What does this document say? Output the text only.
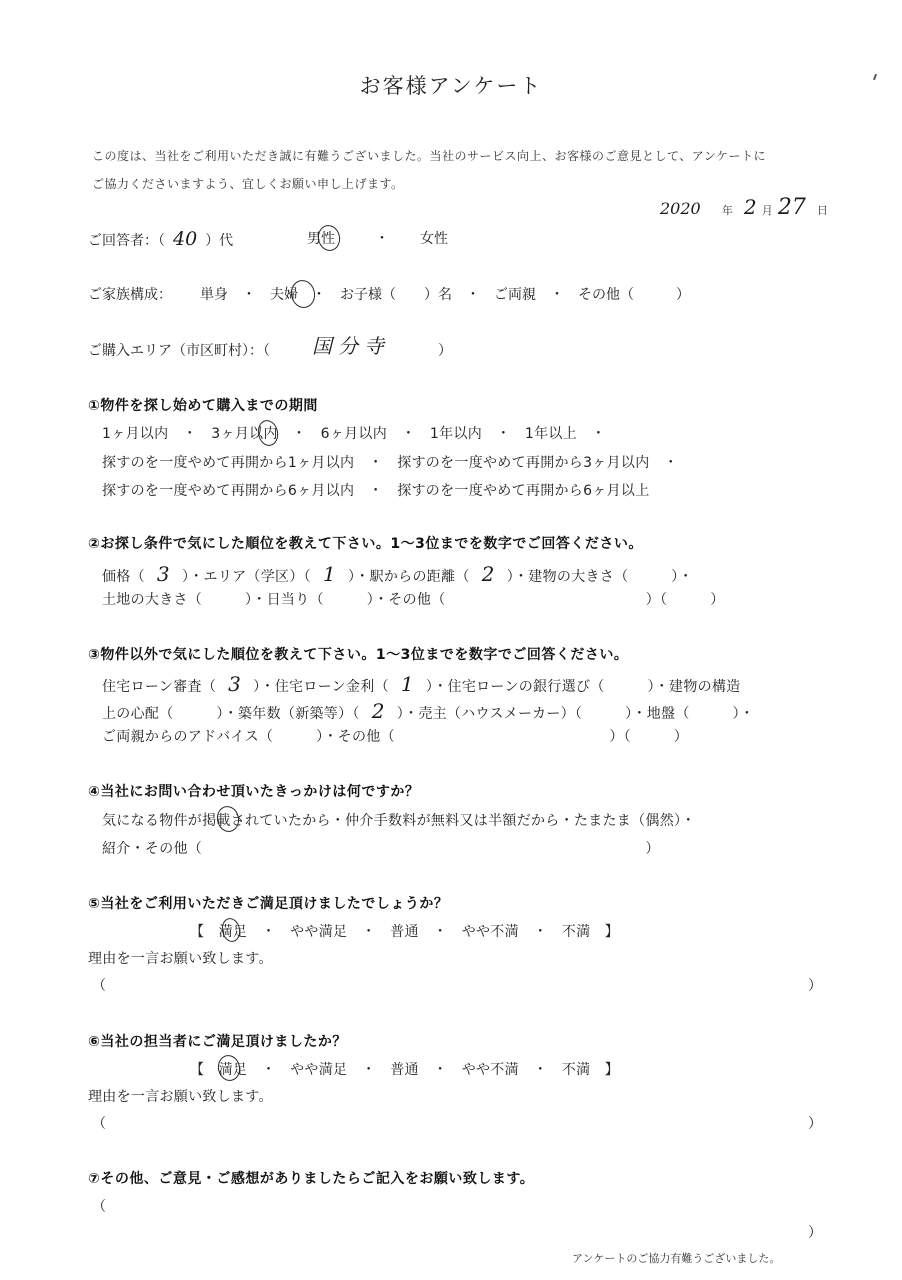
お客様アンケート
この度は、当社をご利用いただき誠に有難うございました。当社のサービス向上、お客様のご意見として、アンケートに
ご協力くださいますよう、宜しくお願い申し上げます。
2020 年 2 月 27 日
ご回答者：（ 40 ）代	男性	・ 女性
ご家族構成： 単身　・　夫婦　・　お子様（　　）名　・　ご両親　・　その他（　　　）
ご購入エリア（市区町村）：（ 国分寺	）
①物件を探し始めて購入までの期間
1ヶ月以内　・　3ヶ月以内　・　6ヶ月以内　・　1年以内　・　1年以上　・
探すのを一度やめて再開から1ヶ月以内　・　探すのを一度やめて再開から3ヶ月以内　・
探すのを一度やめて再開から6ヶ月以内　・　探すのを一度やめて再開から6ヶ月以上
②お探し条件で気にした順位を教えて下さい。1～3位までを数字でご回答ください。
価格（ 3 ）・エリア（学区）（ 1 ）・駅からの距離（ 2 ）・建物の大きさ（　　　）・
土地の大きさ（　　　）・日当り（　　　）・その他（　　　　　　　　　　　　　　）（　　　）
③物件以外で気にした順位を教えて下さい。1～3位までを数字でご回答ください。
住宅ローン審査（ 3 ）・住宅ローン金利（ 1 ）・住宅ローンの銀行選び（　　　）・建物の構造
上の心配（　　　）・築年数（新築等）（ 2 ）・売主（ハウスメーカー）（　　　）・地盤（　　　）・
ご両親からのアドバイス（　　　）・その他（　　　　　　　　　　　　　　　）（　　　）
④当社にお問い合わせ頂いたきっかけは何ですか？
気になる物件が掲載されていたから・仲介手数料が無料又は半額だから・たまたま（偶然）・
紹介・その他（　　　　　　　　　　　　　　　　　　　　　　　　　　　　　　　）
⑤当社をご利用いただきご満足頂けましたでしょうか？
【　満足　・　やや満足　・　普通　・　やや不満　・　不満　】
理由を一言お願い致します。
（	）
⑥当社の担当者にご満足頂けましたか？
【　満足　・　やや満足　・　普通　・　やや不満　・　不満　】
理由を一言お願い致します。
（	）
⑦その他、ご意見・ご感想がありましたらご記入をお願い致します。
（
）
アンケートのご協力有難うございました。
